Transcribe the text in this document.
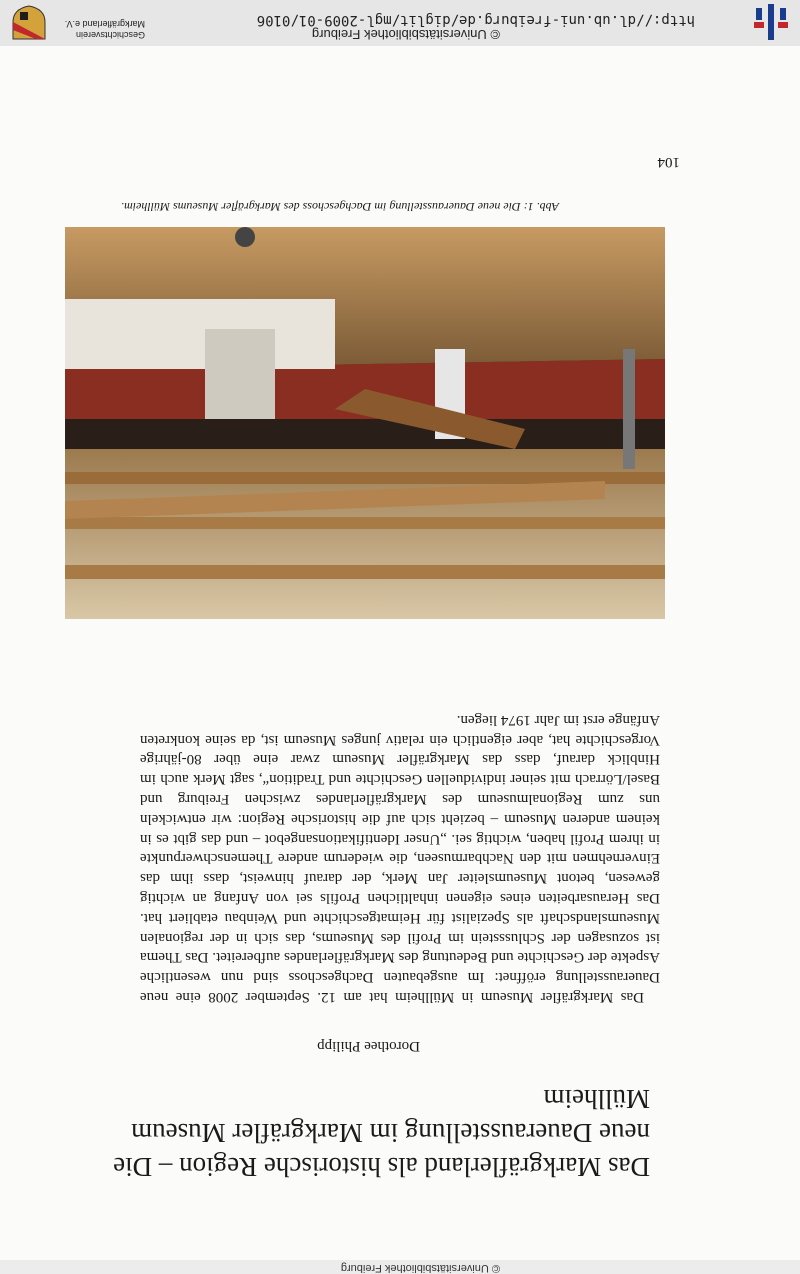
© Universitätsbibliothek Freiburg
Das Markgräflerland als historische Region – Die neue Dauerausstellung im Markgräfler Museum Müllheim
Dorothee Philipp

Das Markgräfler Museum in Müllheim hat am 12. September 2008 eine neue Dauerausstellung eröffnet: Im ausgebauten Dachgeschoss sind nun wesentliche Aspekte der Geschichte und Bedeutung des Markgräflerlandes aufbereitet. Das Thema ist sozusagen der Schlussstein im Profil des Museums, das sich in der regionalen Museumslandschaft als Spezialist für Heimatgeschichte und Weinbau etabliert hat. Das Herausarbeiten eines eigenen inhaltlichen Profils sei von Anfang an wichtig gewesen, betont Museumsleiter Jan Merk, der darauf hinweist, dass ihm das Einvernehmen mit den Nachbarmuseen, die wiederum andere Themenschwerpunkte in ihrem Profil haben, wichtig sei. „Unser Identifikationsangebot – und das gibt es in keinem anderen Museum – bezieht sich auf die historische Region: wir entwickeln uns zum Regionalmuseum des Markgräflerlandes zwischen Freiburg und Basel/Lörrach mit seiner individuellen Geschichte und Tradition“, sagt Merk auch im Hinblick darauf, dass das Markgräfler Museum zwar eine über 80-jährige Vorgeschichte hat, aber eigentlich ein relativ junges Museum ist, da seine konkreten Anfänge erst im Jahr 1974 liegen.

Abb. 1: Die neue Dauerausstellung im Dachgeschoss des Markgräfler Museums Müllheim.
104
http://dl.ub.uni-freiburg.de/diglit/mgl-2009-01/0106
© Universitätsbibliothek Freiburg
Geschichtsverein Markgräflerland e.V.
